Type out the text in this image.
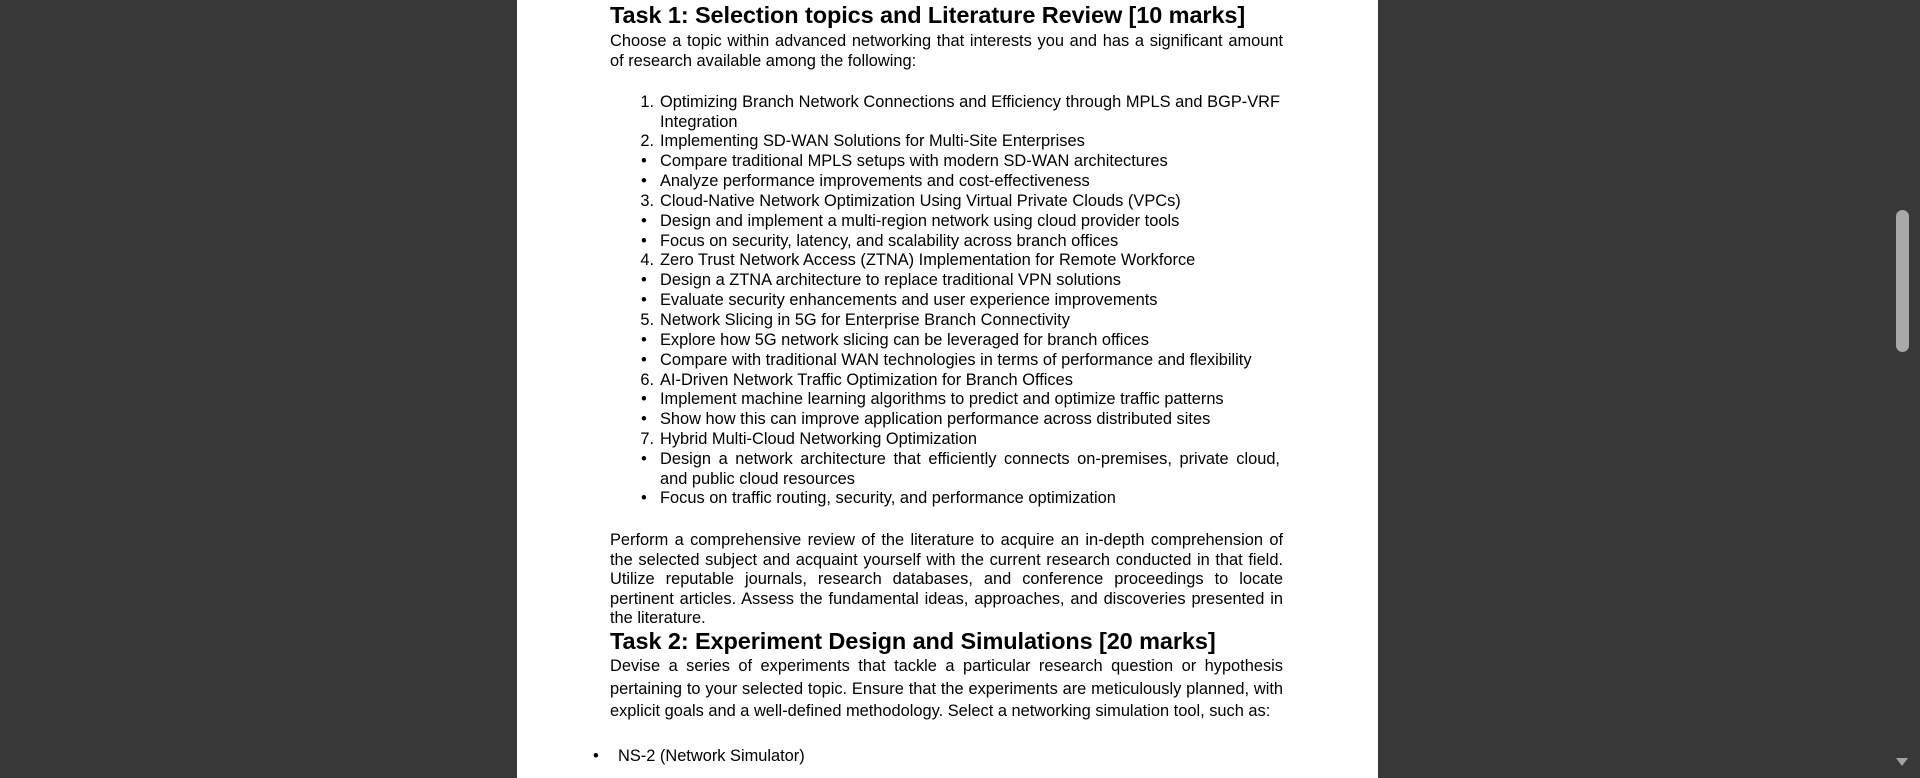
Task 1: Selection topics and Literature Review [10 marks]

Choose a topic within advanced networking that interests you and has a significant amount of research available among the following:

1. Optimizing Branch Network Connections and Efficiency through MPLS and BGP-VRF Integration
2. Implementing SD-WAN Solutions for Multi-Site Enterprises
• Compare traditional MPLS setups with modern SD-WAN architectures
• Analyze performance improvements and cost-effectiveness
3. Cloud-Native Network Optimization Using Virtual Private Clouds (VPCs)
• Design and implement a multi-region network using cloud provider tools
• Focus on security, latency, and scalability across branch offices
4. Zero Trust Network Access (ZTNA) Implementation for Remote Workforce
• Design a ZTNA architecture to replace traditional VPN solutions
• Evaluate security enhancements and user experience improvements
5. Network Slicing in 5G for Enterprise Branch Connectivity
• Explore how 5G network slicing can be leveraged for branch offices
• Compare with traditional WAN technologies in terms of performance and flexibility
6. AI-Driven Network Traffic Optimization for Branch Offices
• Implement machine learning algorithms to predict and optimize traffic patterns
• Show how this can improve application performance across distributed sites
7. Hybrid Multi-Cloud Networking Optimization
• Design a network architecture that efficiently connects on-premises, private cloud, and public cloud resources
• Focus on traffic routing, security, and performance optimization

Perform a comprehensive review of the literature to acquire an in-depth comprehension of the selected subject and acquaint yourself with the current research conducted in that field. Utilize reputable journals, research databases, and conference proceedings to locate pertinent articles. Assess the fundamental ideas, approaches, and discoveries presented in the literature.

Task 2: Experiment Design and Simulations [20 marks]

Devise a series of experiments that tackle a particular research question or hypothesis pertaining to your selected topic. Ensure that the experiments are meticulously planned, with explicit goals and a well-defined methodology. Select a networking simulation tool, such as:

• NS-2 (Network Simulator)
